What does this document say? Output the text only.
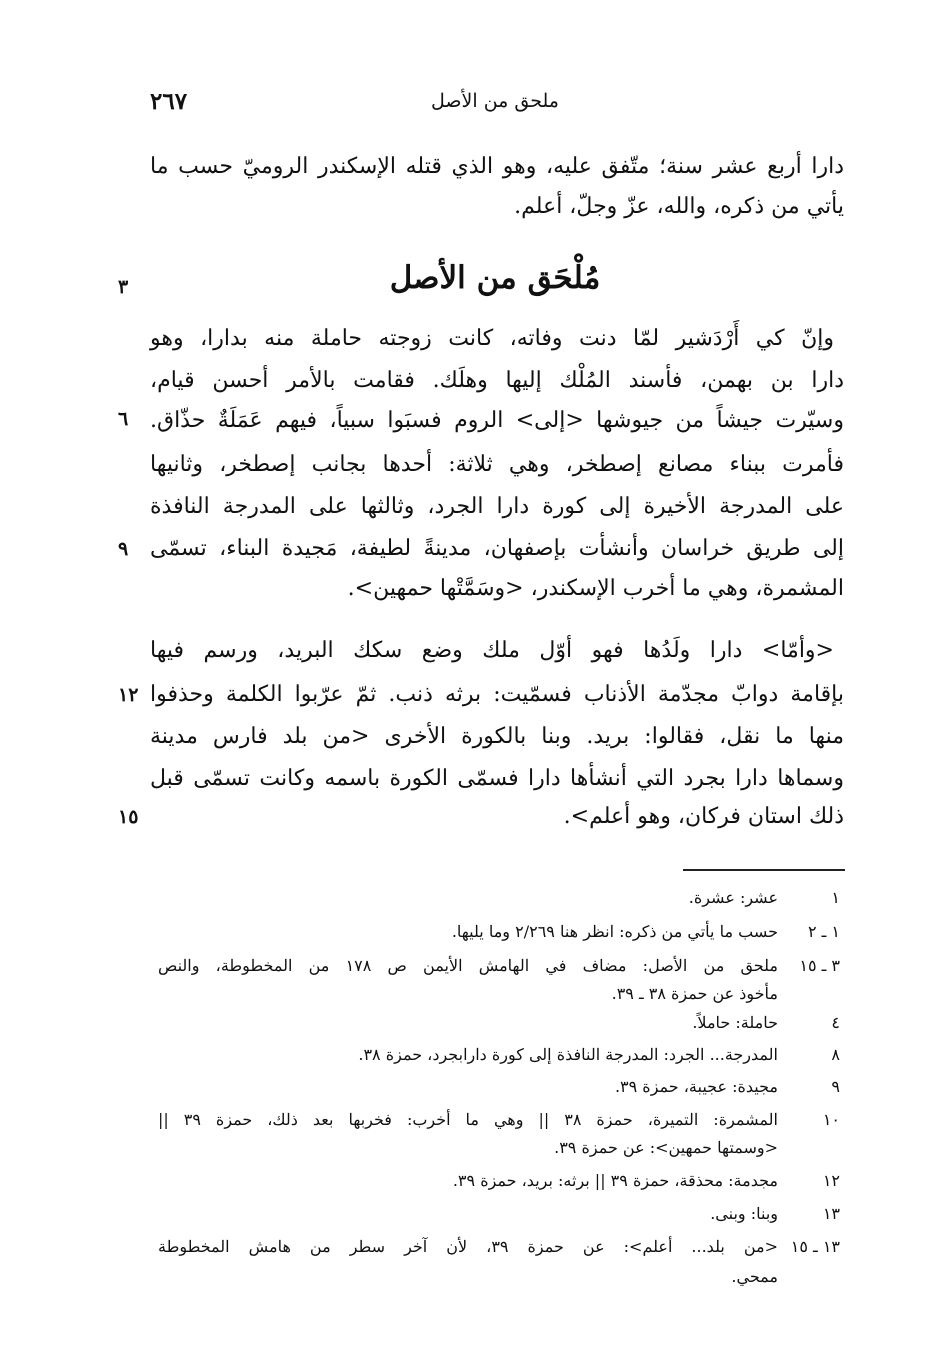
٢٦٧	ملحق من الأصل
دارا أربع عشر سنة؛ متّفق عليه، وهو الذي قتله الإسكندر الروميّ حسب ما
يأتي من ذكره، والله، عزّ وجلّ، أعلم.
مُلْحَق من الأصل
٣
وإنّ كي أَرْدَشير لمّا دنت وفاته، كانت زوجته حاملة منه بدارا، وهو
دارا بن بهمن، فأسند المُلْك إليها وهلَك. فقامت بالأمر أحسن قيام،
وسيّرت جيشاً من جيوشها <إلى> الروم فسبَوا سبياً، فيهم عَمَلَةٌ حذّاق.
٦
فأمرت ببناء مصانع إصطخر، وهي ثلاثة: أحدها بجانب إصطخر، وثانيها
على المدرجة الأخيرة إلى كورة دارا الجرد، وثالثها على المدرجة النافذة
إلى طريق خراسان وأنشأت بإصفهان، مدينةً لطيفة، مَجيدة البناء، تسمّى
٩
المشمرة، وهي ما أخرب الإسكندر، <وسَمَّتْها حمهين>.
<وأمّا> دارا ولَدُها فهو أوّل ملك وضع سكك البريد، ورسم فيها
بإقامة دوابّ مجدّمة الأذناب فسمّيت: برثه ذنب. ثمّ عرّبوا الكلمة وحذفوا
١٢
منها ما نقل، فقالوا: بريد. وبنا بالكورة الأخرى <من بلد فارس مدينة
وسماها دارا بجرد التي أنشأها دارا فسمّى الكورة باسمه وكانت تسمّى قبل
ذلك استان فركان، وهو أعلم>.
١٥
١
عشر: عشرة.
١ ـ ٢
حسب ما يأتي من ذكره: انظر هنا ٢/٢٦٩ وما يليها.
٣ ـ ١٥
ملحق من الأصل: مضاف في الهامش الأيمن ص ١٧٨ من المخطوطة، والنص
مأخوذ عن حمزة ٣٨ ـ ٣٩.
٤
حاملة: حاملاً.
٨
المدرجة... الجرد: المدرجة النافذة إلى كورة دارابجرد، حمزة ٣٨.
٩
مجيدة: عجيبة، حمزة ٣٩.
١٠
المشمرة: التميرة، حمزة ٣٨ || وهي ما أخرب: فخربها بعد ذلك، حمزة ٣٩ ||
<وسمتها حمهين>: عن حمزة ٣٩.
١٢
مجدمة: محذقة، حمزة ٣٩ || برثه: بريد، حمزة ٣٩.
١٣
وبنا: وبنى.
١٣ ـ ١٥
<من بلد... أعلم>: عن حمزة ٣٩، لأن آخر سطر من هامش المخطوطة
ممحي.
